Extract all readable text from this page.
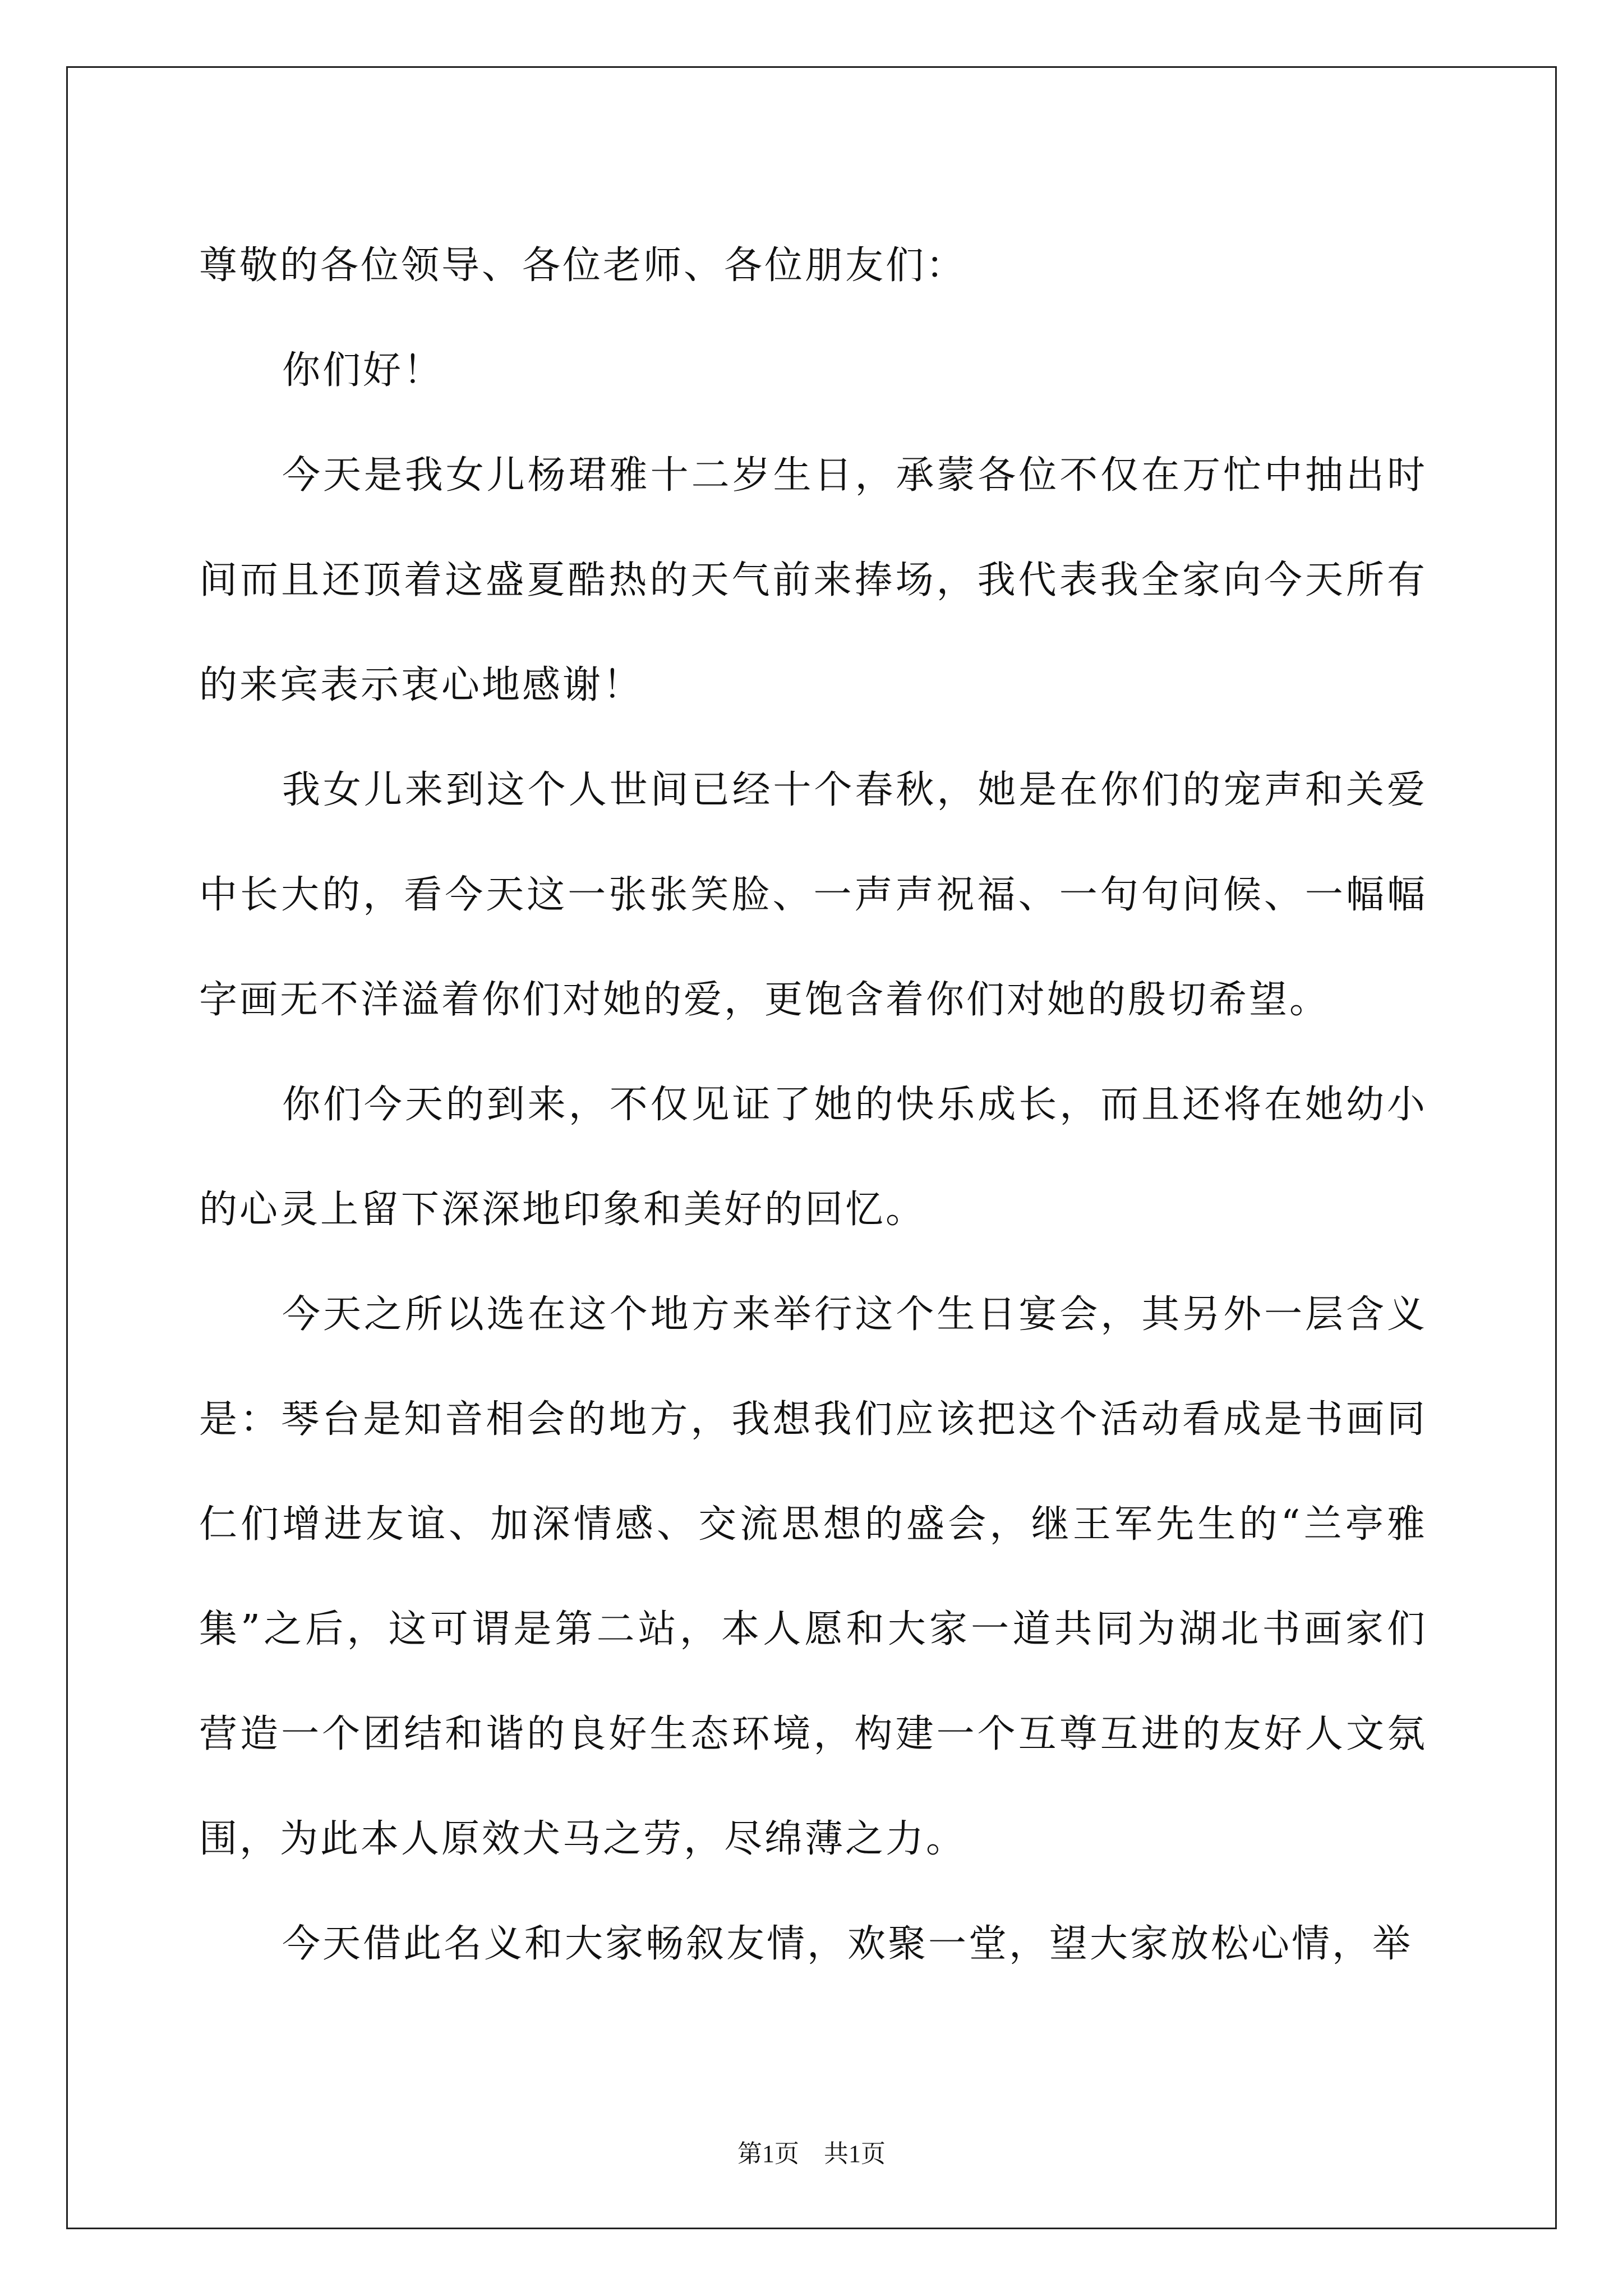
尊敬的各位领导、各位老师、各位朋友们：

你们好！

今天是我女儿杨珺雅十二岁生日，承蒙各位不仅在万忙中抽出时间而且还顶着这盛夏酷热的天气前来捧场，我代表我全家向今天所有的来宾表示衷心地感谢！

我女儿来到这个人世间已经十个春秋，她是在你们的宠声和关爱中长大的，看今天这一张张笑脸、一声声祝福、一句句问候、一幅幅字画无不洋溢着你们对她的爱，更饱含着你们对她的殷切希望。

你们今天的到来，不仅见证了她的快乐成长，而且还将在她幼小的心灵上留下深深地印象和美好的回忆。

今天之所以选在这个地方来举行这个生日宴会，其另外一层含义是：琴台是知音相会的地方，我想我们应该把这个活动看成是书画同仁们增进友谊、加深情感、交流思想的盛会，继王军先生的“兰亭雅集”之后，这可谓是第二站，本人愿和大家一道共同为湖北书画家们营造一个团结和谐的良好生态环境，构建一个互尊互进的友好人文氛围，为此本人原效犬马之劳，尽绵薄之力。

今天借此名义和大家畅叙友情，欢聚一堂，望大家放松心情，举

第1页　共1页
